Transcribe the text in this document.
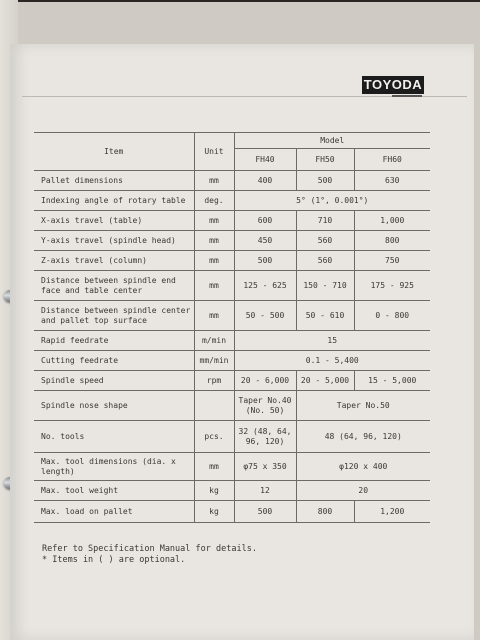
TOYODA
Item	Unit	Model		
		FH40	FH50	FH60
Pallet dimensions	mm	400	500	630
Indexing angle of rotary table	deg.	5° (1°, 0.001°)		
X-axis travel (table)	mm	600	710	1,000
Y-axis travel (spindle head)	mm	450	560	800
Z-axis travel (column)	mm	500	560	750
Distance between spindle end face and table center	mm	125 - 625	150 - 710	175 - 925
Distance between spindle center and pallet top surface	mm	50 - 500	50 - 610	0 - 800
Rapid feedrate	m/min	15		
Cutting feedrate	mm/min	0.1 - 5,400		
Spindle speed	rpm	20 - 6,000	20 - 5,000	15 - 5,000
Spindle nose shape		Taper No.40 (No. 50)	Taper No.50	
No. tools	pcs.	32 (48, 64, 96, 120)	48 (64, 96, 120)	
Max. tool dimensions (dia. x length)	mm	φ75 x 350	φ120 x 400	
Max. tool weight	kg	12	20	
Max. load on pallet	kg	500	800	1,200
Refer to Specification Manual for details.
* Items in ( ) are optional.
